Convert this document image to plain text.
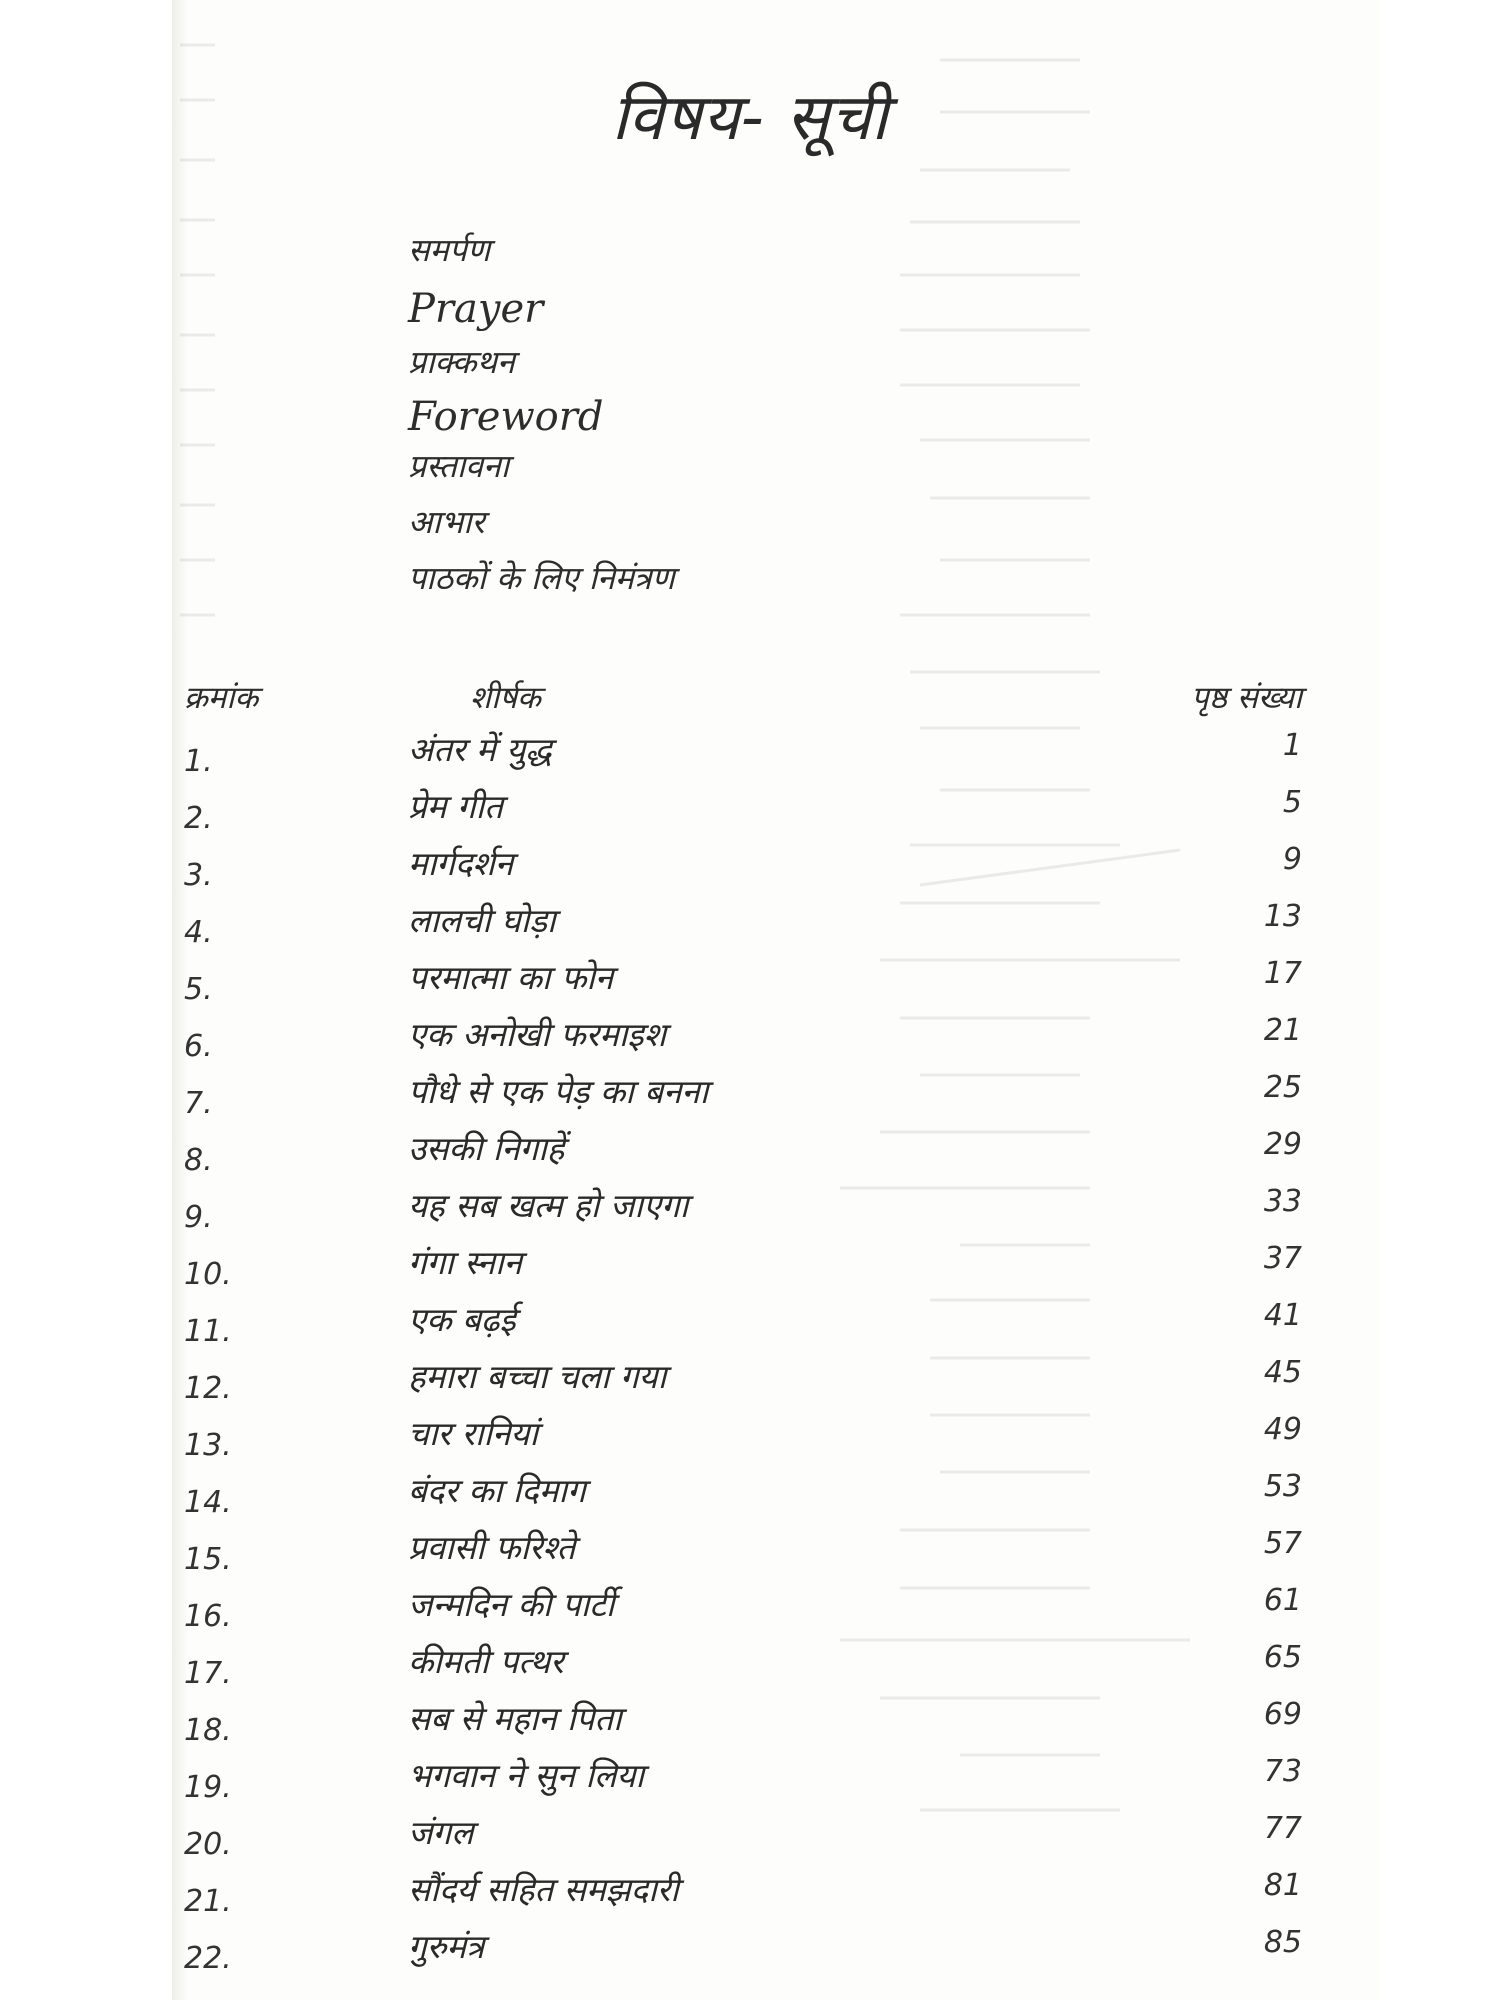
विषय- सूची
समर्पण
Prayer
प्राक्कथन
Foreword
प्रस्तावना
आभार
पाठकों के लिए निमंत्रण
क्रमांक	शीर्षक	पृष्ठ संख्या
1.	अंतर में युद्ध	1
2.	प्रेम गीत	5
3.	मार्गदर्शन	9
4.	लालची घोड़ा	13
5.	परमात्मा का फोन	17
6.	एक अनोखी फरमाइश	21
7.	पौधे से एक पेड़ का बनना	25
8.	उसकी निगाहें	29
9.	यह सब खत्म हो जाएगा	33
10.	गंगा स्नान	37
11.	एक बढ़ई	41
12.	हमारा बच्चा चला गया	45
13.	चार रानियां	49
14.	बंदर का दिमाग	53
15.	प्रवासी फरिश्ते	57
16.	जन्मदिन की पार्टी	61
17.	कीमती पत्थर	65
18.	सब से महान पिता	69
19.	भगवान ने सुन लिया	73
20.	जंगल	77
21.	सौंदर्य सहित समझदारी	81
22.	गुरुमंत्र	85
